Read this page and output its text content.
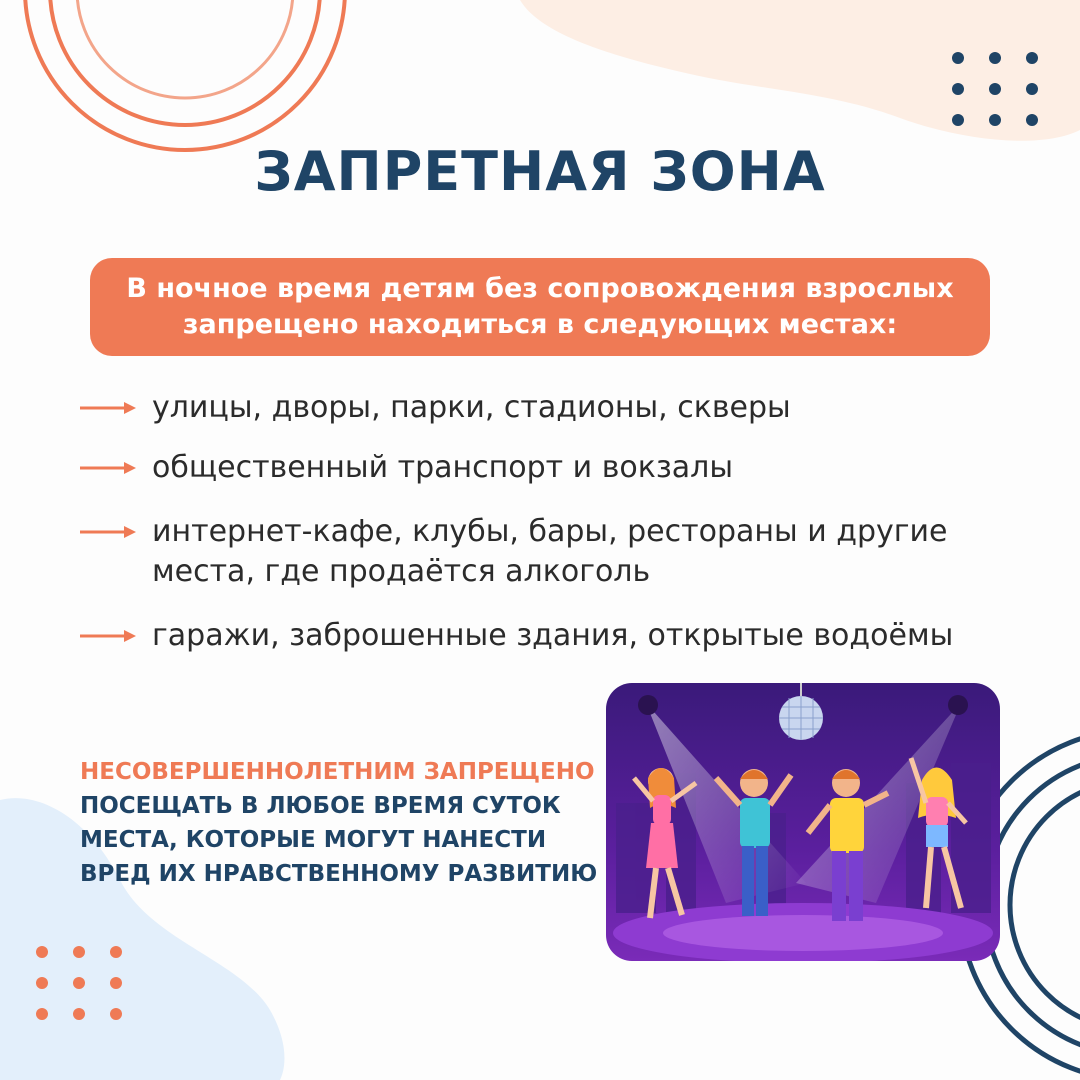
ЗАПРЕТНАЯ ЗОНА
В ночное время детям без сопровождения взрослых
запрещено находиться в следующих местах:
улицы, дворы, парки, стадионы, скверы
общественный транспорт и вокзалы
интернет-кафе, клубы, бары, рестораны и другие
места, где продаётся алкоголь
гаражи, заброшенные здания, открытые водоёмы
НЕСОВЕРШЕННОЛЕТНИМ ЗАПРЕЩЕНО
ПОСЕЩАТЬ В ЛЮБОЕ ВРЕМЯ СУТОК
МЕСТА, КОТОРЫЕ МОГУТ НАНЕСТИ
ВРЕД ИХ НРАВСТВЕННОМУ РАЗВИТИЮ
